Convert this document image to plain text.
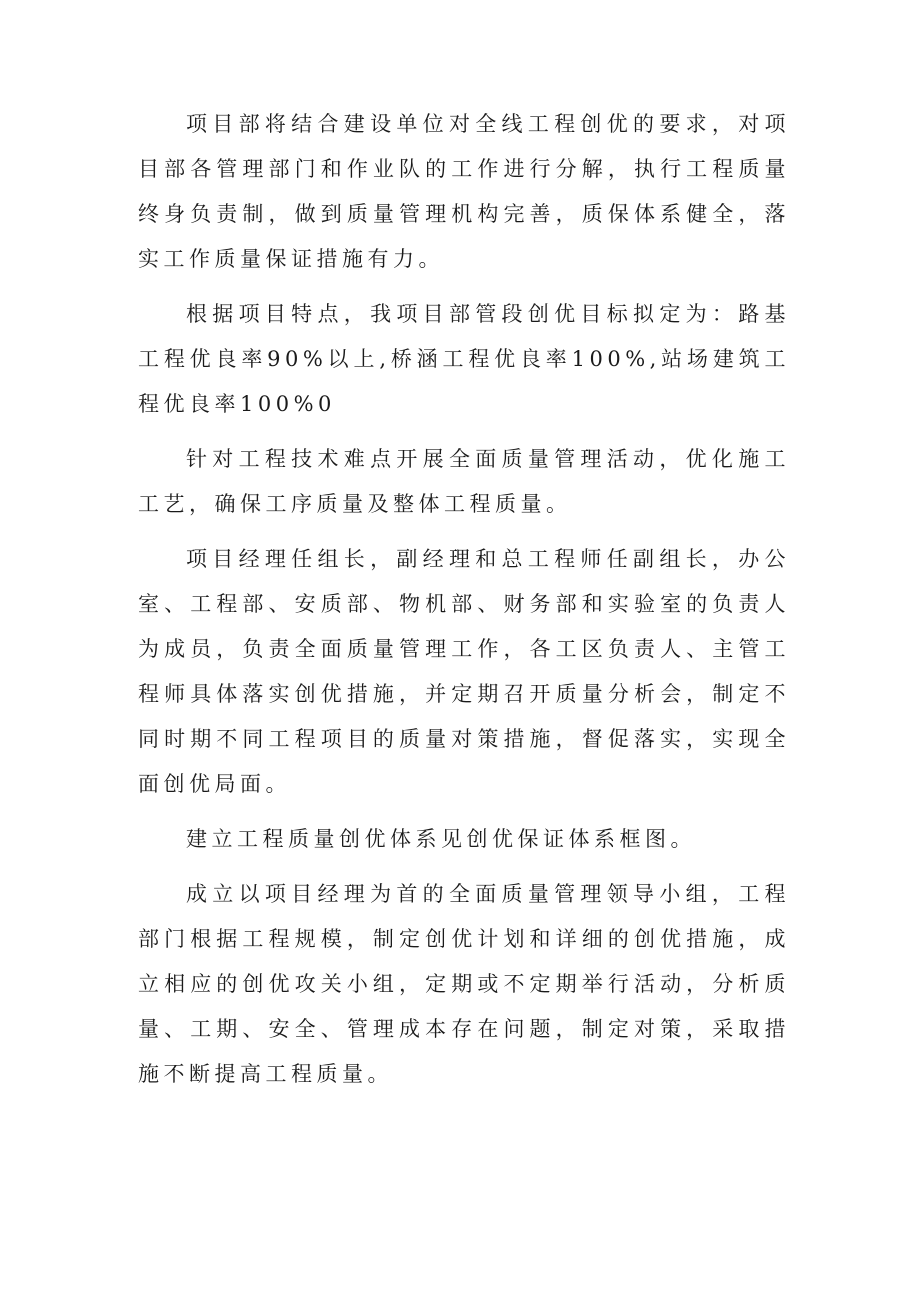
项目部将结合建设单位对全线工程创优的要求，对项目部各管理部门和作业队的工作进行分解，执行工程质量终身负责制，做到质量管理机构完善，质保体系健全，落实工作质量保证措施有力。

根据项目特点，我项目部管段创优目标拟定为：路基工程优良率90%以上,桥涵工程优良率100%,站场建筑工程优良率100%0

针对工程技术难点开展全面质量管理活动，优化施工工艺，确保工序质量及整体工程质量。

项目经理任组长，副经理和总工程师任副组长，办公室、工程部、安质部、物机部、财务部和实验室的负责人为成员，负责全面质量管理工作，各工区负责人、主管工程师具体落实创优措施，并定期召开质量分析会，制定不同时期不同工程项目的质量对策措施，督促落实，实现全面创优局面。

建立工程质量创优体系见创优保证体系框图。

成立以项目经理为首的全面质量管理领导小组，工程部门根据工程规模，制定创优计划和详细的创优措施，成立相应的创优攻关小组，定期或不定期举行活动，分析质量、工期、安全、管理成本存在问题，制定对策，采取措施不断提高工程质量。
